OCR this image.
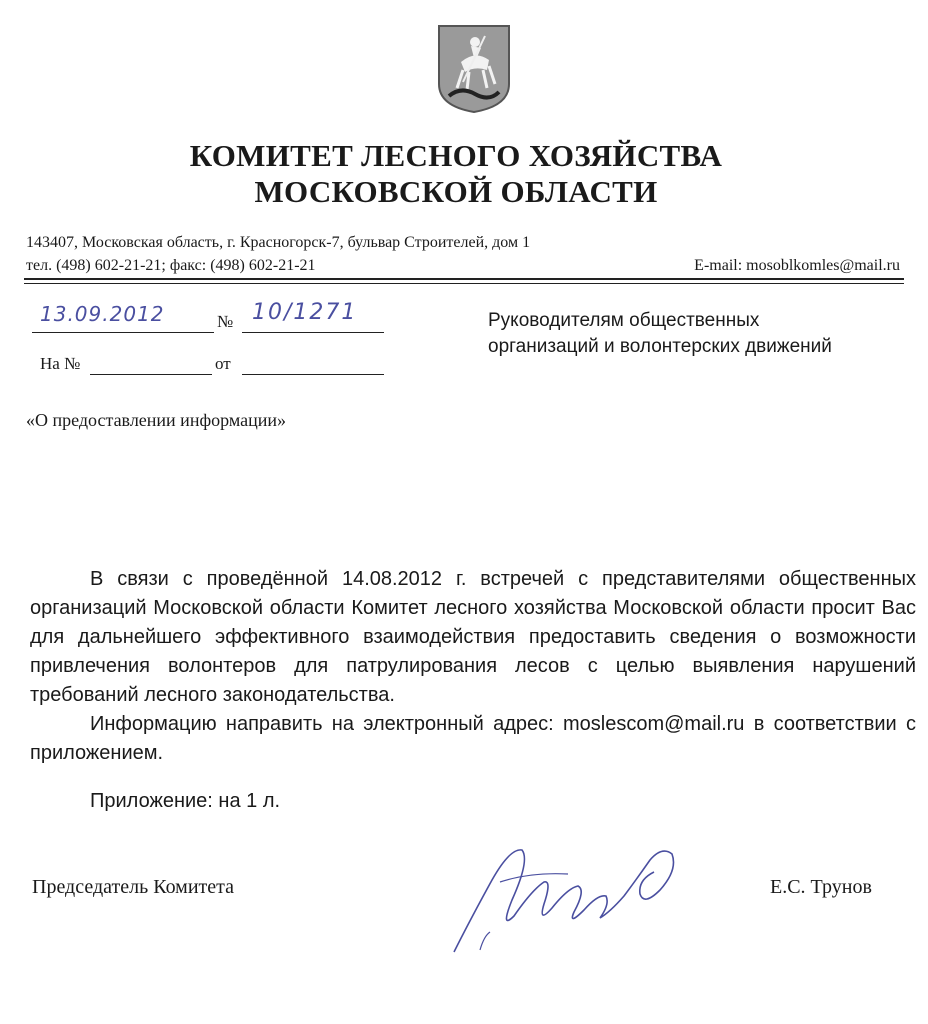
КОМИТЕТ ЛЕСНОГО ХОЗЯЙСТВА
МОСКОВСКОЙ ОБЛАСТИ
143407, Московская область, г. Красногорск-7, бульвар Строителей, дом 1
тел. (498) 602-21-21; факс: (498) 602-21-21	E-mail: mosoblkomles@mail.ru
13.09.2012	№ 10/1271
На №	от
Руководителям общественных организаций и волонтерских движений
«О предоставлении информации»

В связи с проведённой 14.08.2012 г. встречей с представителями общественных организаций Московской области Комитет лесного хозяйства Московской области просит Вас для дальнейшего эффективного взаимодействия предоставить сведения о возможности привлечения волонтеров для патрулирования лесов с целью выявления нарушений требований лесного законодательства.

Информацию направить на электронный адрес: moslescom@mail.ru в соответствии с приложением.

Приложение: на 1 л.
Председатель Комитета	Е.С. Трунов
